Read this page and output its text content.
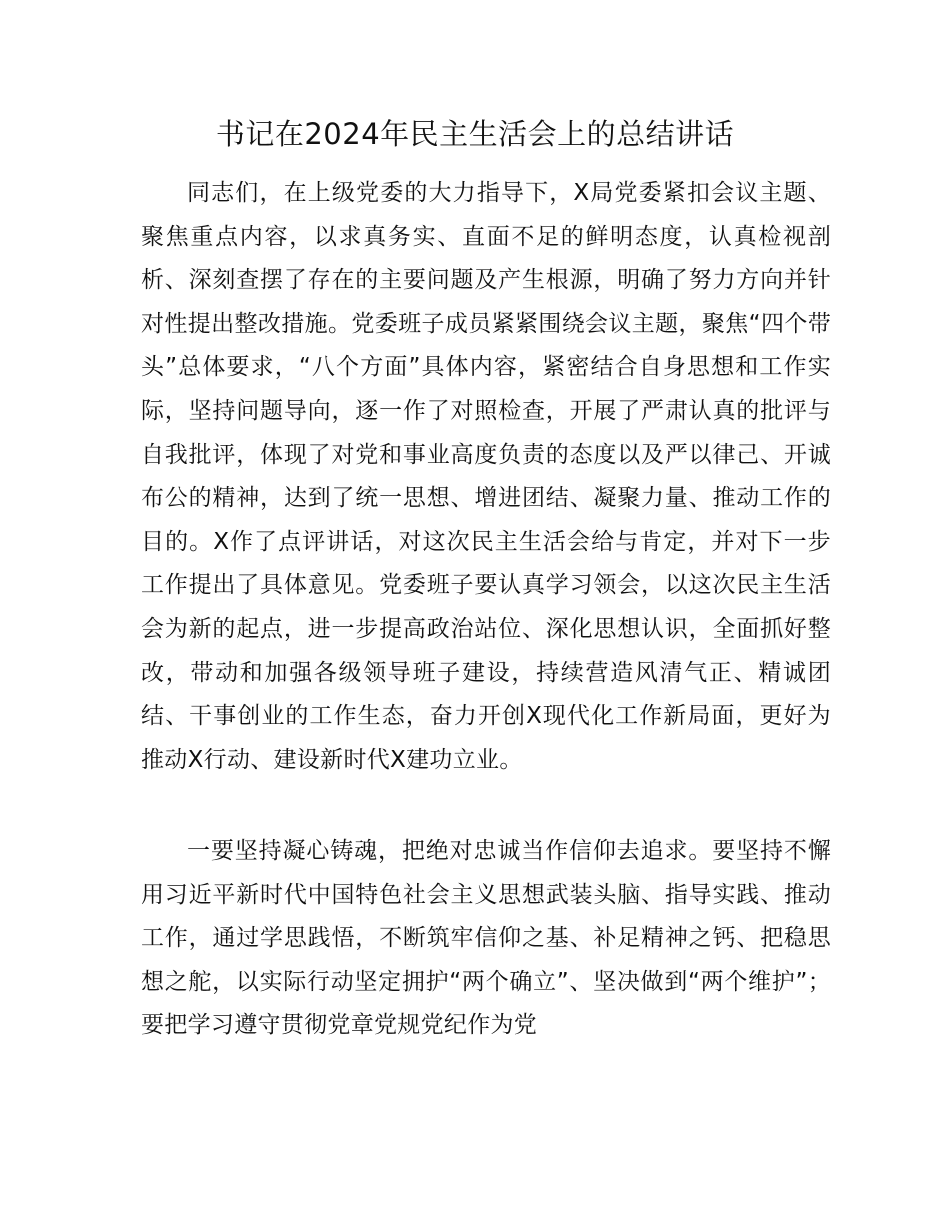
书记在2024年民主生活会上的总结讲话

同志们，在上级党委的大力指导下，X局党委紧扣会议主题、聚焦重点内容，以求真务实、直面不足的鲜明态度，认真检视剖析、深刻查摆了存在的主要问题及产生根源，明确了努力方向并针对性提出整改措施。党委班子成员紧紧围绕会议主题，聚焦“四个带头”总体要求，“八个方面”具体内容，紧密结合自身思想和工作实际，坚持问题导向，逐一作了对照检查，开展了严肃认真的批评与自我批评，体现了对党和事业高度负责的态度以及严以律己、开诚布公的精神，达到了统一思想、增进团结、凝聚力量、推动工作的目的。X作了点评讲话，对这次民主生活会给与肯定，并对下一步工作提出了具体意见。党委班子要认真学习领会，以这次民主生活会为新的起点，进一步提高政治站位、深化思想认识，全面抓好整改，带动和加强各级领导班子建设，持续营造风清气正、精诚团结、干事创业的工作生态，奋力开创X现代化工作新局面，更好为推动X行动、建设新时代X建功立业。

一要坚持凝心铸魂，把绝对忠诚当作信仰去追求。要坚持不懈用习近平新时代中国特色社会主义思想武装头脑、指导实践、推动工作，通过学思践悟，不断筑牢信仰之基、补足精神之钙、把稳思想之舵，以实际行动坚定拥护“两个确立”、坚决做到“两个维护”；要把学习遵守贯彻党章党规党纪作为党
